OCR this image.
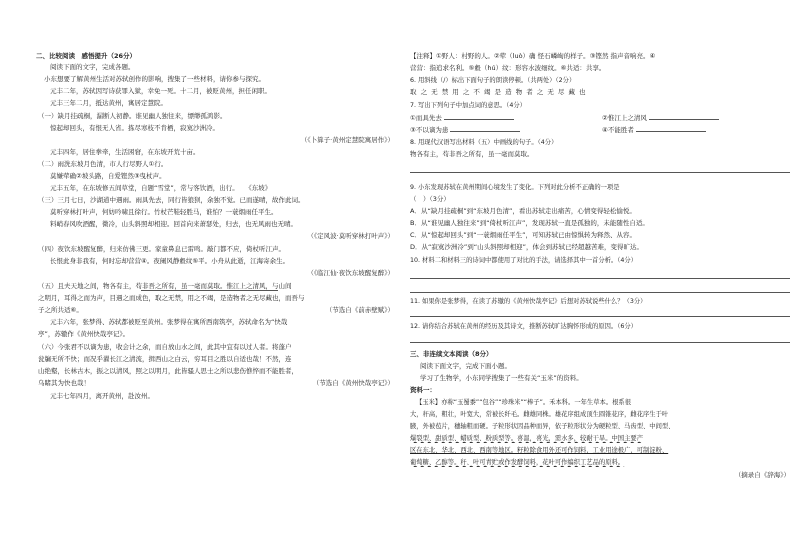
二、比较阅读　感悟提升（26分）
阅读下面的文字，完成各题。
小东想要了解黄州生活对苏轼创作的影响，搜集了一些材料，请你参与探究。
元丰二年，苏轼因写诗获罪入狱，幸免一死。十二月，被贬黄州，担任闲职。
元丰三年二月，抵达黄州，寓居定慧院。
（一）缺月挂疏桐，漏断人初静。谁见幽人独往来，缥缈孤鸿影。
惊起却回头，有恨无人省。拣尽寒枝不肯栖，寂寞沙洲冷。
（《卜算子·黄州定慧院寓居作》）
元丰四年，居住拳牵，生活困窘，在东坡开荒十亩。
（二）雨洗东坡月色清，市人行尽野人①行。
莫嫌荦确②坡头路，自爱铿然③曳杖声。
元丰五年，在东坡修五间草堂，自题“雪堂”，常与客饮酒，出行。　　《东坡》
（三）三月七日，沙湖道中遇雨。雨具先去，同行皆狼狈，余独不觉。已而遂晴，故作此词。
莫听穿林打叶声，何妨吟啸且徐行。竹杖芒鞋轻胜马，谁怕？一蓑烟雨任平生。
料峭春风吹酒醒，微冷，山头斜照却相迎。回首向来萧瑟处，归去，也无风雨也无晴。
（《定风波·莫听穿林打叶声》）
（四）夜饮东坡醒复醉，归来仿佛三更。家童鼻息已雷鸣。敲门都不应，倚杖听江声。
长恨此身非我有，何时忘却营营④。夜阑风静縠纹⑤平。小舟从此逝，江海寄余生。
（《临江仙·夜饮东坡醒复醉》）
（五）且夫天地之间，物各有主，苟非吾之所有，虽一毫而莫取。惟江上之清风，与山间
之明月，耳得之而为声，目遇之而成色，取之无禁，用之不竭，是造物者之无尽藏也，而吾与
子之所共适⑥。	（节选自《前赤壁赋》）
元丰六年，张梦得、苏轼都被贬至黄州。张梦得在寓所西南筑亭，苏轼命名为“快哉
亭”，苏辙作《黄州快哉亭记》。
（六）今张君不以谪为患，收会计之余，而自放山水之间，此其中宜有以过人者。将蓬户
瓮牖无所不快；而况乎濯长江之清流，揖西山之白云，穷耳目之胜以自适也哉！不然，连
山绝壑，长林古木，振之以清风，照之以明月，此皆骚人思士之所以悲伤憔悴而不能胜者，
乌睹其为快也哉！	（节选自《黄州快哉亭记》）
元丰七年四月，离开黄州，赴汝州。
【注释】①野人：村野的人。②荦（luò）确 怪石嶙峋的样子。③铿然 指声音响亮。④
营营：指追求名利。⑤縠（hú）纹：形容水波细纹。⑥共适：共享。
6. 用斜线（/）标出下面句子的朗读停顿。（共两处）（2分）
取 之 无 禁 用 之 不 竭 是 造 物 者 之 无 尽 藏 也
7. 写出下列句子中加点词的意思。（4分）
①而具先去	②惟江上之清风
③不以谪为患	④不能胜者
8. 用现代汉语写出材料（五）中画线的句子。（4分）
物各有主，苟非吾之所有，虽一毫而莫取。
9. 小东发现苏轼在黄州期间心境发生了变化。下列对此分析不正确的一项是
（　）（3分）
A．从“缺月挂疏桐”到“东坡月色清”，看出苏轼走出痛苦，心情变得轻松愉悦。
B．从“谁见幽人独往来”到“倚杖听江声”，发现苏轼一直是孤独的，未能随性自适。
C．从“惊起却回头”到“一蓑烟雨任平生”，可知苏轼已由惊惧转为释然、从容。
D．从“寂寞沙洲冷”到“山头斜照却相迎”，体会到苏轼已经超越苦难，变得旷达。
10. 材料二和材料三的诗词中都使用了对比的手法，请选择其中一首分析。（4分）
11. 如果你是张梦得，在读了苏辙的《黄州快哉亭记》后想对苏轼说些什么？（3分）
12. 请你结合苏轼在黄州的经历及其诗文，推断苏轼旷达胸怀形成的原因。（6分）
三、非连续文本阅读（8分）
阅读下面文字，完成下面小题。
学习了生物学，小东同学搜集了一些有关“玉米”的资料。
资料一：
【玉米】亦称“玉蜀黍”“包谷”“珍珠米”“棒子”。禾本科。一年生草本。根系很
大，秆高，粗壮，叶宽大，常被长纤毛。雌雄同株。雄花序组成顶生圆锥花序，雌花序生于叶
腋，外被苞片，穗轴粗而硬。子粒形状因品种而异，依子粒形状分为硬粒型、马齿型、中间型、
爆裂型、甜质型、蜡质型、粉质型等。喜温，喜光，需水多，较耐干旱。中国主要产
区在东北、华北、西北、西南等地区。籽粒除食用外还可作饲料，工业用途极广，可制淀粉、
葡萄糖、乙醇等。秆、叶可青贮或作发酵饲料，花叶可作编织工艺品的原料。
（摘录自《辞海》）
